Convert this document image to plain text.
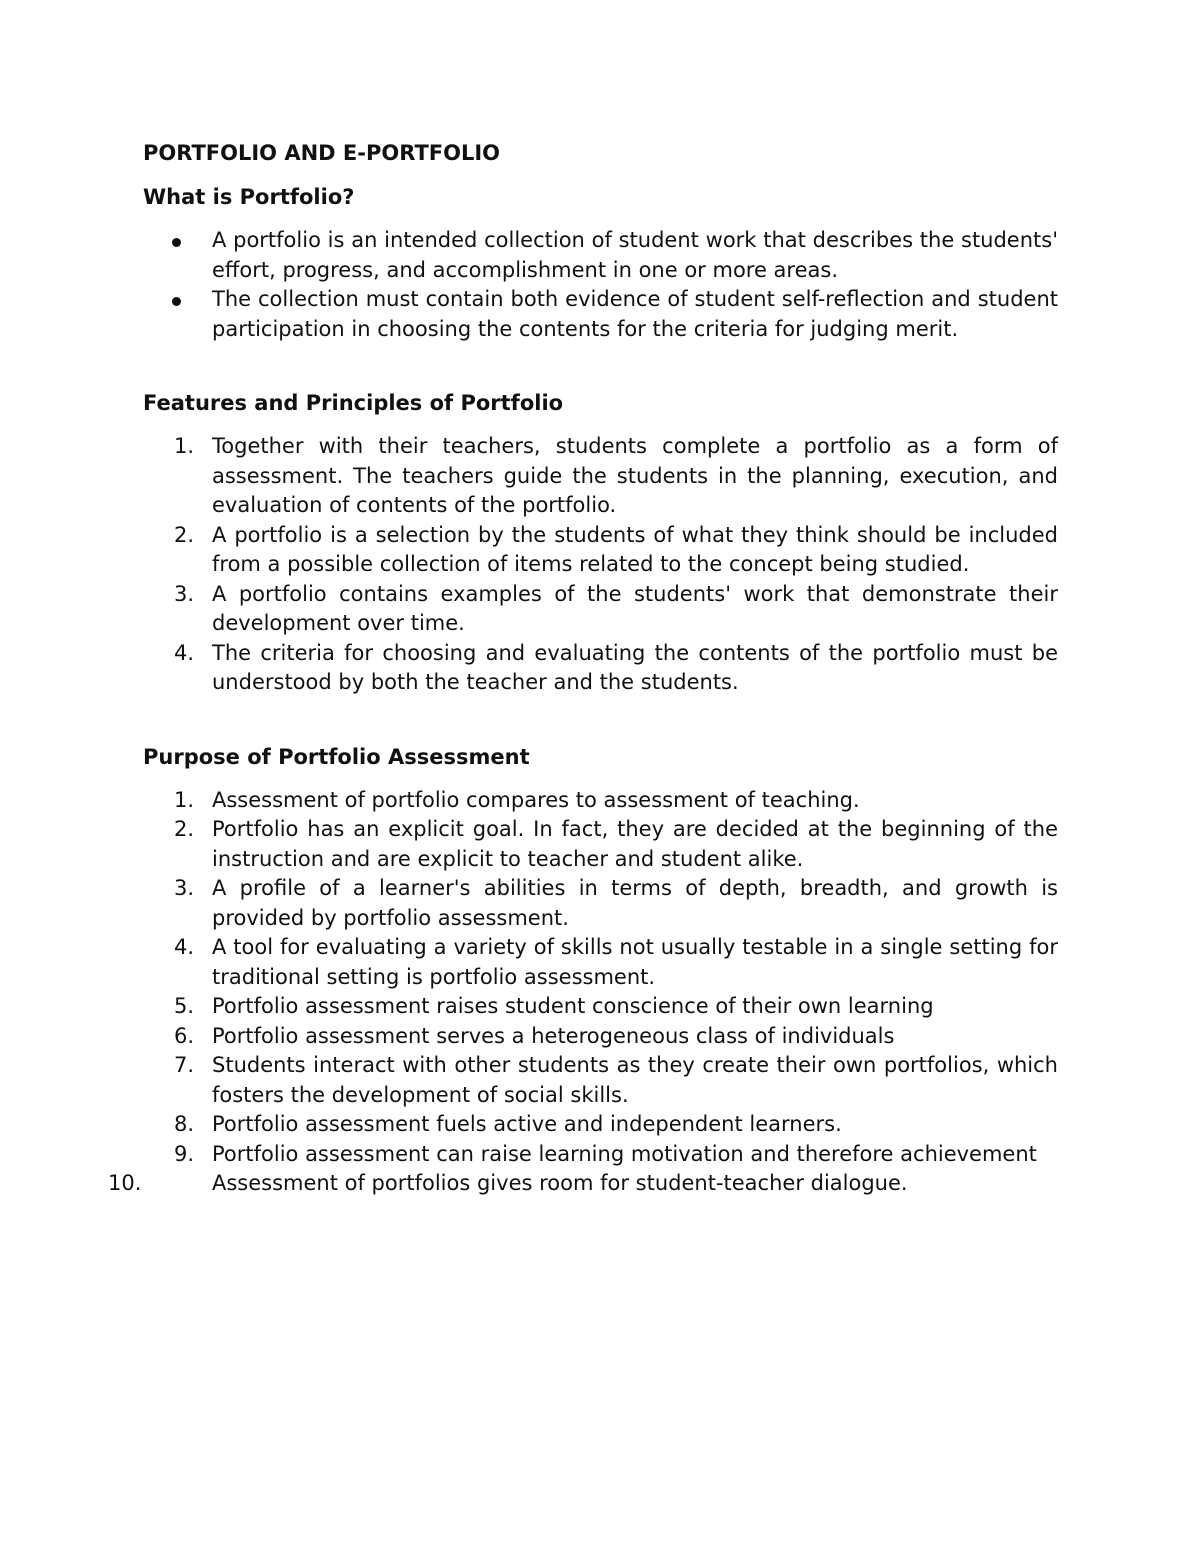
PORTFOLIO AND E-PORTFOLIO
What is Portfolio?
A portfolio is an intended collection of student work that describes the students' effort, progress, and accomplishment in one or more areas.
The collection must contain both evidence of student self-reflection and student participation in choosing the contents for the criteria for judging merit.
Features and Principles of Portfolio
1. Together with their teachers, students complete a portfolio as a form of assessment. The teachers guide the students in the planning, execution, and evaluation of contents of the portfolio.
2. A portfolio is a selection by the students of what they think should be included from a possible collection of items related to the concept being studied.
3. A portfolio contains examples of the students' work that demonstrate their development over time.
4. The criteria for choosing and evaluating the contents of the portfolio must be understood by both the teacher and the students.
Purpose of Portfolio Assessment
1. Assessment of portfolio compares to assessment of teaching.
2. Portfolio has an explicit goal. In fact, they are decided at the beginning of the instruction and are explicit to teacher and student alike.
3. A profile of a learner's abilities in terms of depth, breadth, and growth is provided by portfolio assessment.
4. A tool for evaluating a variety of skills not usually testable in a single setting for traditional setting is portfolio assessment.
5. Portfolio assessment raises student conscience of their own learning
6. Portfolio assessment serves a heterogeneous class of individuals
7. Students interact with other students as they create their own portfolios, which fosters the development of social skills.
8. Portfolio assessment fuels active and independent learners.
9. Portfolio assessment can raise learning motivation and therefore achievement
10.	Assessment of portfolios gives room for student-teacher dialogue.
